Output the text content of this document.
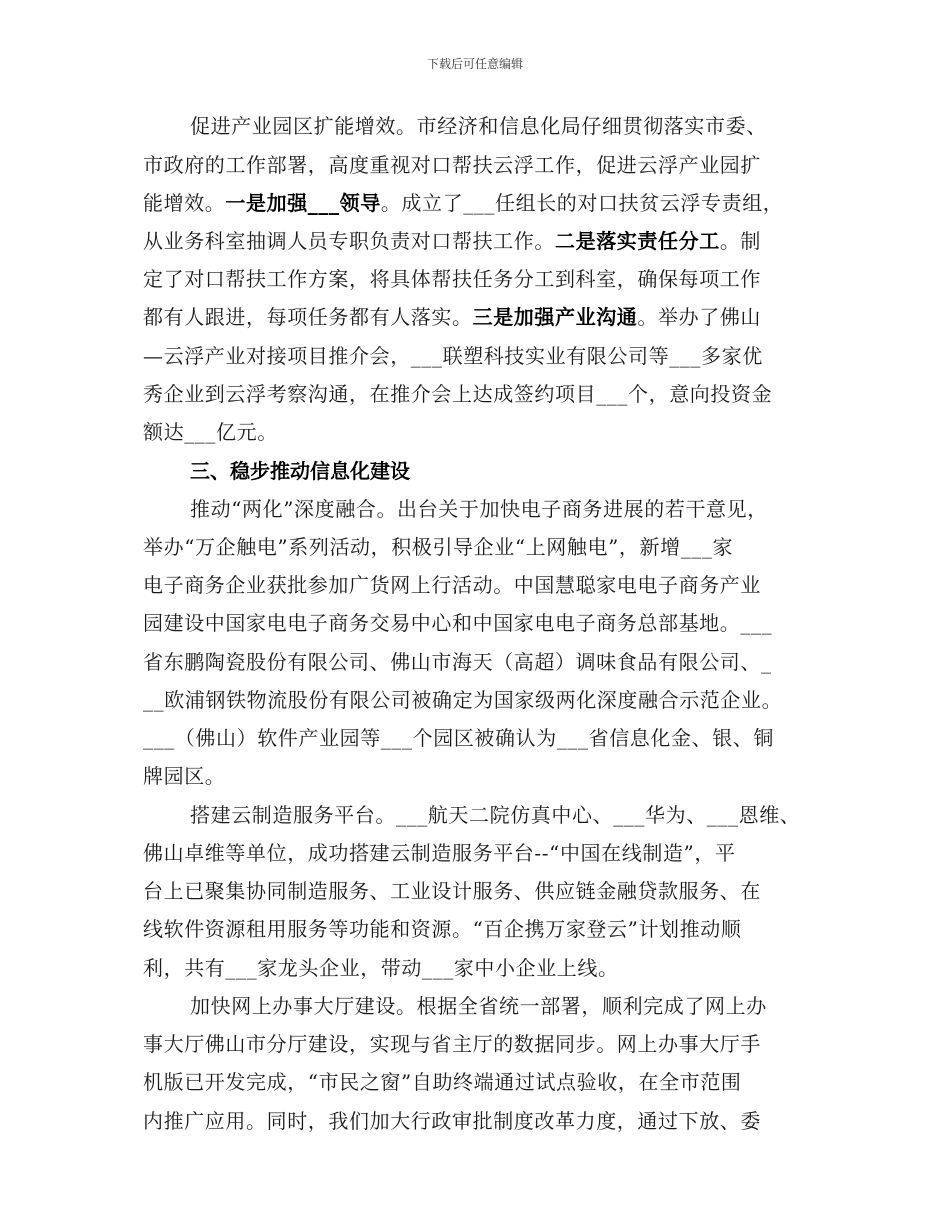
下载后可任意编辑
促进产业园区扩能增效。市经济和信息化局仔细贯彻落实市委、
市政府的工作部署，高度重视对口帮扶云浮工作，促进云浮产业园扩
能增效。一是加强___领导。成立了___任组长的对口扶贫云浮专责组，
从业务科室抽调人员专职负责对口帮扶工作。二是落实责任分工。制
定了对口帮扶工作方案，将具体帮扶任务分工到科室，确保每项工作
都有人跟进，每项任务都有人落实。三是加强产业沟通。举办了佛山
—云浮产业对接项目推介会，___联塑科技实业有限公司等___多家优
秀企业到云浮考察沟通，在推介会上达成签约项目___个，意向投资金
额达___亿元。
三、稳步推动信息化建设
推动“两化”深度融合。出台关于加快电子商务进展的若干意见，
举办“万企触电”系列活动，积极引导企业“上网触电”，新增___家
电子商务企业获批参加广货网上行活动。中国慧聪家电电子商务产业
园建设中国家电电子商务交易中心和中国家电电子商务总部基地。___
省东鹏陶瓷股份有限公司、佛山市海天（高超）调味食品有限公司、_
__欧浦钢铁物流股份有限公司被确定为国家级两化深度融合示范企业。
___（佛山）软件产业园等___个园区被确认为___省信息化金、银、铜
牌园区。
搭建云制造服务平台。___航天二院仿真中心、___华为、___恩维、
佛山卓维等单位，成功搭建云制造服务平台--“中国在线制造”，平
台上已聚集协同制造服务、工业设计服务、供应链金融贷款服务、在
线软件资源租用服务等功能和资源。“百企携万家登云”计划推动顺
利，共有___家龙头企业，带动___家中小企业上线。
加快网上办事大厅建设。根据全省统一部署，顺利完成了网上办
事大厅佛山市分厅建设，实现与省主厅的数据同步。网上办事大厅手
机版已开发完成，“市民之窗”自助终端通过试点验收，在全市范围
内推广应用。同时，我们加大行政审批制度改革力度，通过下放、委
